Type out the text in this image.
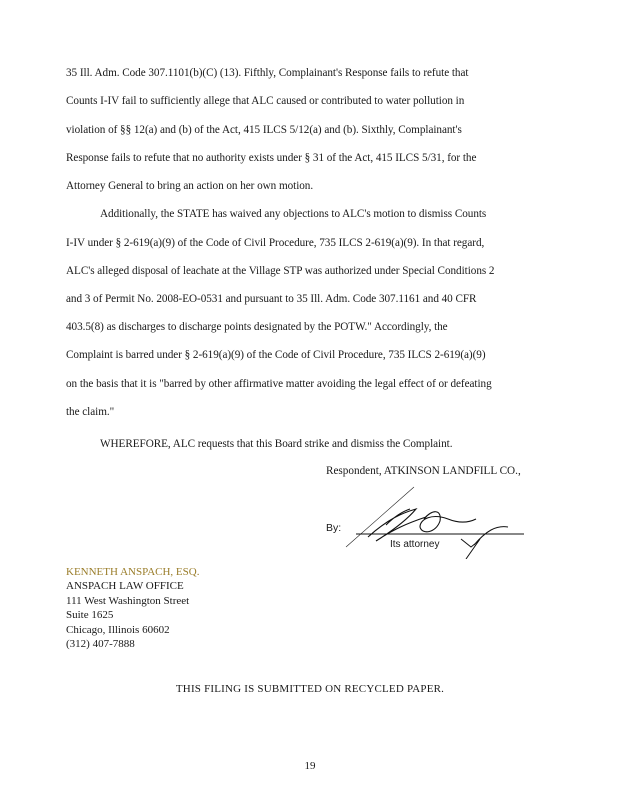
35 Ill. Adm. Code 307.1101(b)(C) (13). Fifthly, Complainant's Response fails to refute that
Counts I-IV fail to sufficiently allege that ALC caused or contributed to water pollution in
violation of §§ 12(a) and (b) of the Act, 415 ILCS 5/12(a) and (b). Sixthly, Complainant's
Response fails to refute that no authority exists under § 31 of the Act, 415 ILCS 5/31, for the
Attorney General to bring an action on her own motion.
Additionally, the STATE has waived any objections to ALC's motion to dismiss Counts
I-IV under § 2-619(a)(9) of the Code of Civil Procedure, 735 ILCS 2-619(a)(9). In that regard,
ALC's alleged disposal of leachate at the Village STP was authorized under Special Conditions 2
and 3 of Permit No. 2008-EO-0531 and pursuant to 35 Ill. Adm. Code 307.1161 and 40 CFR
403.5(8) as discharges to discharge points designated by the POTW." Accordingly, the
Complaint is barred under § 2-619(a)(9) of the Code of Civil Procedure, 735 ILCS 2-619(a)(9)
on the basis that it is "barred by other affirmative matter avoiding the legal effect of or defeating
the claim."
WHEREFORE, ALC requests that this Board strike and dismiss the Complaint.
Respondent, ATKINSON LANDFILL CO.,
By:
Its attorney
KENNETH ANSPACH, ESQ.
ANSPACH LAW OFFICE
111 West Washington Street
Suite 1625
Chicago, Illinois 60602
(312) 407-7888
THIS FILING IS SUBMITTED ON RECYCLED PAPER.
19
